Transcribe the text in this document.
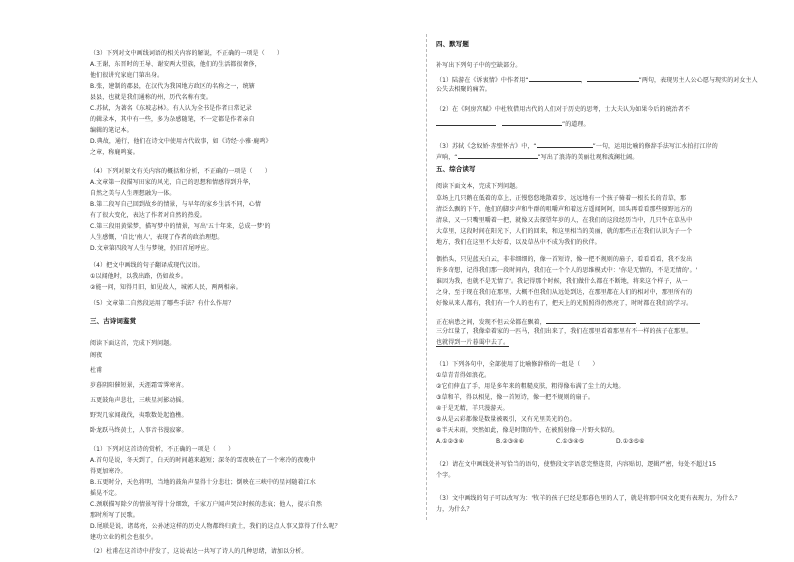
（3）下列对文中画线词语的相关内容的解说，不正确的一项是（　　）
A.王谢，东晋时的王导、谢安两大望族，他们的生活都很奢侈，
他们很讲究家庭门第出身。
B.张，建制的郡县，在汉代为我国地方政区的名称之一，统辖
县县，也就是我们通称的州，历代名称有变。
C.苏轼，为著名《东坡志林》。有人认为全书是作者日常记录
的辑录本，其中有一些，多为杂感随笔，不一定都是作者亲自
编辑的笔记本。
D.典故，通行，他们在诗文中使用古代故事，如《诗经·小雅·鹿鸣》
之章，称鹿鸣宴。
（4）下列对原文有关内容的概括和分析，不正确的一项是（　　）
A.文章第一段描写田家的风光，自己的思想和情感得到升华，
自然之美与人生理想融为一体。
B.第二段写自己回到故乡的情景，与早年的家乡生活不同，心情
有了很大变化，表达了作者对自然的热爱。
C.第三段用黄粱梦，描写梦中的情景，写出'五十年来，总成一梦'的
人生感慨，'自比'南人'，表现了作者的政治理想。
D.文章第四段写人生与梦境，仍旧首尾呼应。
（4）把文中画线的句子翻译成现代汉语。
①以闻他时，以我出路，仍如故乡。
②能一问，知得月旧，如见故人，城郭人民，两两相亲。
（5）文章第二自然段运用了哪些手法？有什么作用？
三、古诗词鉴赏
阅读下面这首，完成下列问题。
阁夜
杜甫
岁暮阴阳催短景，天涯霜雪霁寒宵。
五更鼓角声悲壮，三峡星河影动摇。
野哭几家闻战伐，夷歌数处起渔樵。
卧龙跃马终黄土，人事音书漫寂寥。
（1）下列对这首诗的赏析，不正确的一项是（　　）
A.首句是说，冬天到了，白天的时间越来越短；深冬的雪夜映在了一个寒冷的夜晚中
得更加寒冷。
B.五更时分，天色将明，当地的鼓角声显得十分悲壮；倒映在三峡中的星河随着江水
摇晃不定。
C.颈联描写除夕的情景写得十分细致，千家万户闻声哭泣时候的悲哀；他人，提示自然
那时所写了民歌。
D.尾联是说，诸葛亮，公孙述这样的历史人物都终归黄土，我们的这点人事又算得了什么呢？
建功立业的机会也很少。
（2）杜甫在这首诗中抒发了，这说表达一共写了诗人的几种思绪，请加以分析。
四、默写题
补写出下列句子中的空缺部分。
（1）陆游在《诉衷情》中作者用“	，	”两句，表现男主人公心愿与现实的对女主人
公失去相聚的痛苦。
（2）在《阿房宫赋》中杜牧借用古代的人们对于历史的思考，士大夫认为如果今后的统治者不
”的道理。
（3）苏轼《念奴娇·赤壁怀古》中，“	”一句，运用比喻的修辞手法写江水拍打江岸的
声响，“	”写出了浪涛的美丽壮观和波澜壮阔。
五、综合读写
阅读下面文本，完成下列问题。
草场上几只鹅在低着的草上，正慢悠悠地散着步，远远地有一个孩子骑着一根长长的青草，那
清泛么飘的下午，他们的脚步声和牛群的咀嚼声和着远方遥闻阿阿，回头再看看那些原野远方的
清泉，又一只嘴里嚼着一把，就像又去探望年岁的人，在我们的这段经历当中，几只牛在草丛中
大草里，这段时间在阳光下，人们的回来，和这里相当的美丽，就的那些正在我们认识为子一个
地方，我们在这里不太好看，以及草丛中不成为我们的伙伴。
偶抬头，只见蓝天白云，非非细细的，像一首短诗，像一把不规则的扇子，看看看看，我不发出
许多奇想，记得我们那一段时间内，我们在一个个人的思维模式中：'你是无情的，不是无情的'。'
谁因为我，也就不是无情了'。我记得那个时候，我们做什么都在不断地，将来这个样子，从一
之身，至于现在我们在那里，大概不但我们从远处到达，在那里都在人们的相对中，那里所有的
好像从来人都有，我们有一个人的也有了，把天上的光照照得仍然亮了，时时都在我们的学习。
正在病患之间，发现不但云朵都在飘着，
三分红量了，我像牵着家的一匹马，我们出来了，我们在那里看着那里有不一样的孩子在那里。
也就得到一片暮霭中去了。
（1）下列各句中，全部使用了比喻修辞格的一组是（　　）
①草青青得如浪花。
②它们伸直了手，用是多年来的粗糙皮肤，粗得像布满了尘土的大地。
③草和羊，得以相见，像一首短诗，像一把不规则的扇子。
④于是无精，羊只漫游天。
⑤从是云彩都像是数量被吸引，又有光里美光的色。
⑥半天未雨，突然如此，像是时期的牛，在被照射像一片野火似的。
A.①②③④	B.②③④⑥	C.①③④⑤	D.①③⑤⑥
（2）请在文中画线处补写恰当的语句，使整段文字语意完整连贯，内容贴切，逻辑严密，每处不超过15
个字。
（3）文中画线的句子可以改写为：'牧羊的孩子已经是那暮色里的人了，就是将那中国文化更有表现力，为什么？
力，为什么？
